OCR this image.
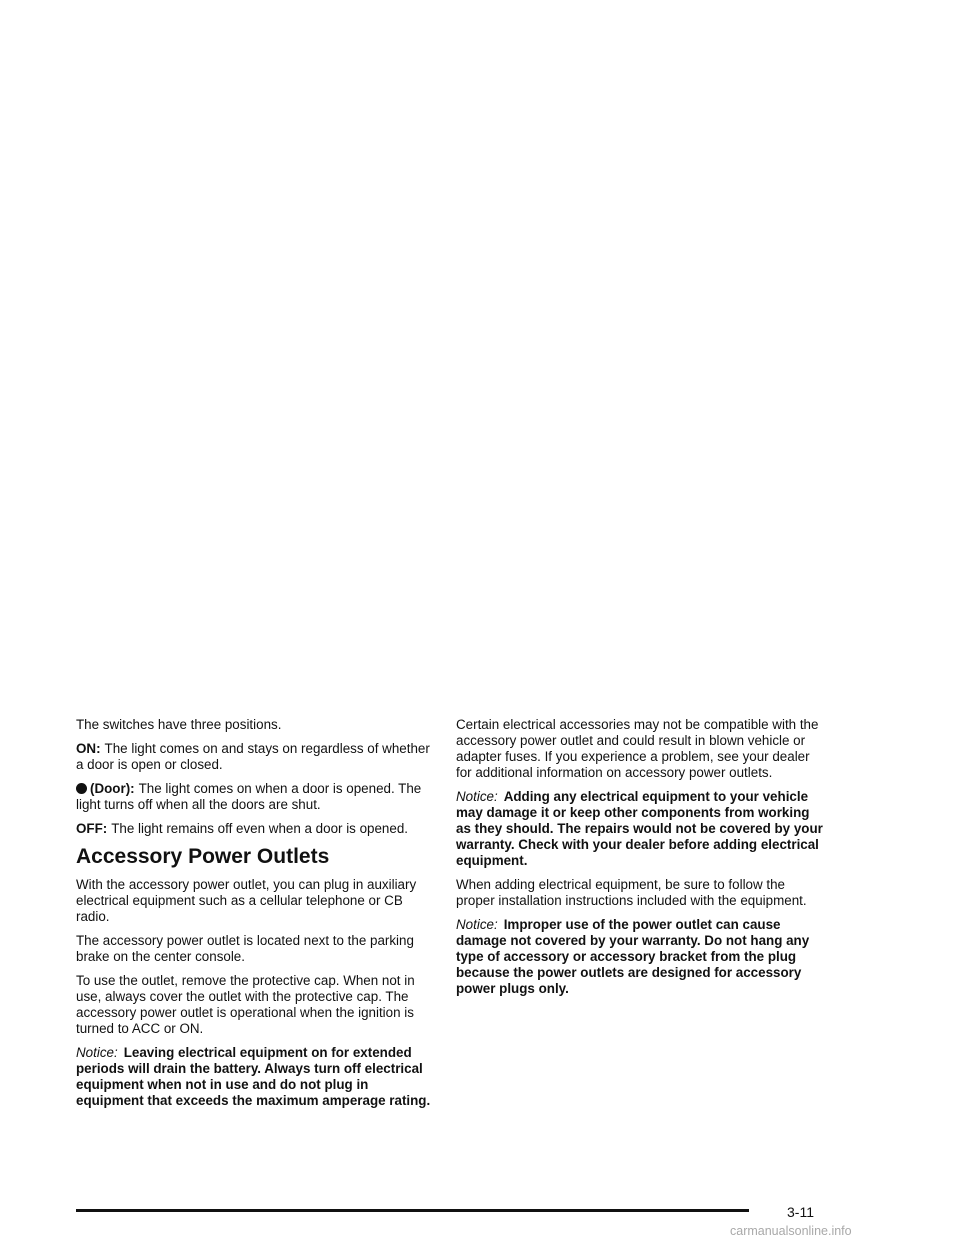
The switches have three positions.

ON: The light comes on and stays on regardless of whether a door is open or closed.

(Door): The light comes on when a door is opened. The light turns off when all the doors are shut.

OFF: The light remains off even when a door is opened.

Accessory Power Outlets

With the accessory power outlet, you can plug in auxiliary electrical equipment such as a cellular telephone or CB radio.

The accessory power outlet is located next to the parking brake on the center console.

To use the outlet, remove the protective cap. When not in use, always cover the outlet with the protective cap. The accessory power outlet is operational when the ignition is turned to ACC or ON.

Notice: Leaving electrical equipment on for extended periods will drain the battery. Always turn off electrical equipment when not in use and do not plug in equipment that exceeds the maximum amperage rating.

Certain electrical accessories may not be compatible with the accessory power outlet and could result in blown vehicle or adapter fuses. If you experience a problem, see your dealer for additional information on accessory power outlets.

Notice: Adding any electrical equipment to your vehicle may damage it or keep other components from working as they should. The repairs would not be covered by your warranty. Check with your dealer before adding electrical equipment.

When adding electrical equipment, be sure to follow the proper installation instructions included with the equipment.

Notice: Improper use of the power outlet can cause damage not covered by your warranty. Do not hang any type of accessory or accessory bracket from the plug because the power outlets are designed for accessory power plugs only.

3-11
carmanualsonline.info
